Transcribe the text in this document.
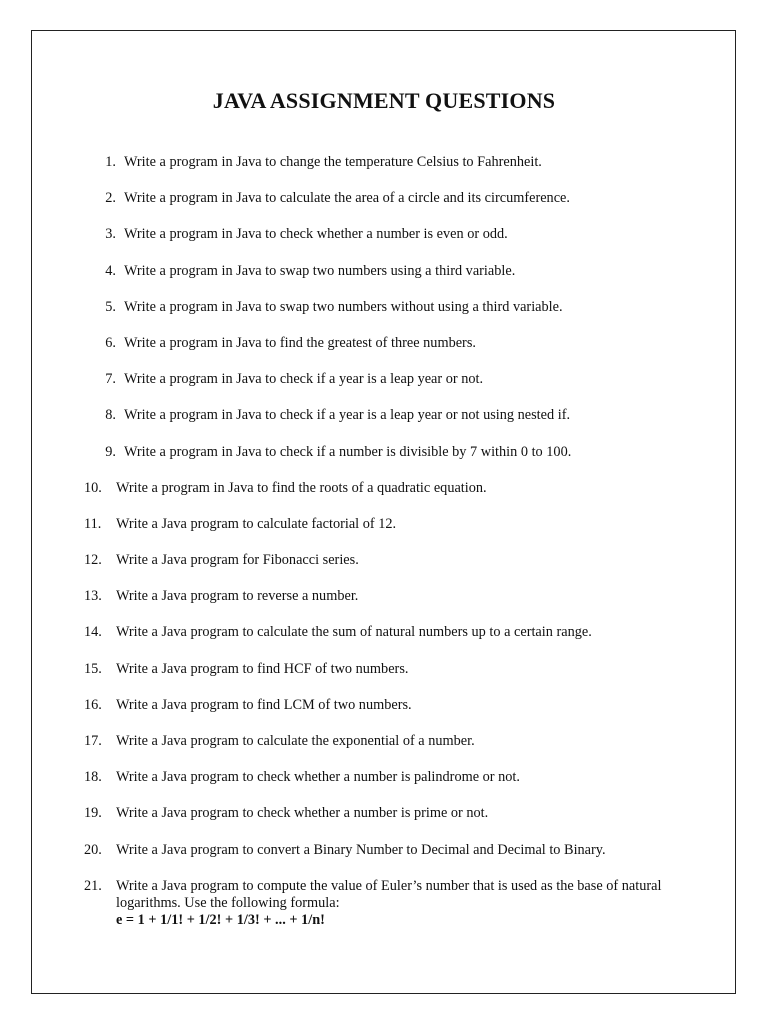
JAVA ASSIGNMENT QUESTIONS
1. Write a program in Java to change the temperature Celsius to Fahrenheit.
2. Write a program in Java to calculate the area of a circle and its circumference.
3. Write a program in Java to check whether a number is even or odd.
4. Write a program in Java to swap two numbers using a third variable.
5. Write a program in Java to swap two numbers without using a third variable.
6. Write a program in Java to find the greatest of three numbers.
7. Write a program in Java to check if a year is a leap year or not.
8. Write a program in Java to check if a year is a leap year or not using nested if.
9. Write a program in Java to check if a number is divisible by 7 within 0 to 100.
10. Write a program in Java to find the roots of a quadratic equation.
11.	Write a Java program to calculate factorial of 12.
12. Write a Java program for Fibonacci series.
13. Write a Java program to reverse a number.
14. Write a Java program to calculate the sum of natural numbers up to a certain range.
15. Write a Java program to find HCF of two numbers.
16. Write a Java program to find LCM of two numbers.
17. Write a Java program to calculate the exponential of a number.
18. Write a Java program to check whether a number is palindrome or not.
19. Write a Java program to check whether a number is prime or not.
20. Write a Java program to convert a Binary Number to Decimal and Decimal to Binary.
21. Write a Java program to compute the value of Euler’s number that is used as the base of natural logarithms. Use the following formula:
e = 1 + 1/1! + 1/2! + 1/3! + ... + 1/n!
